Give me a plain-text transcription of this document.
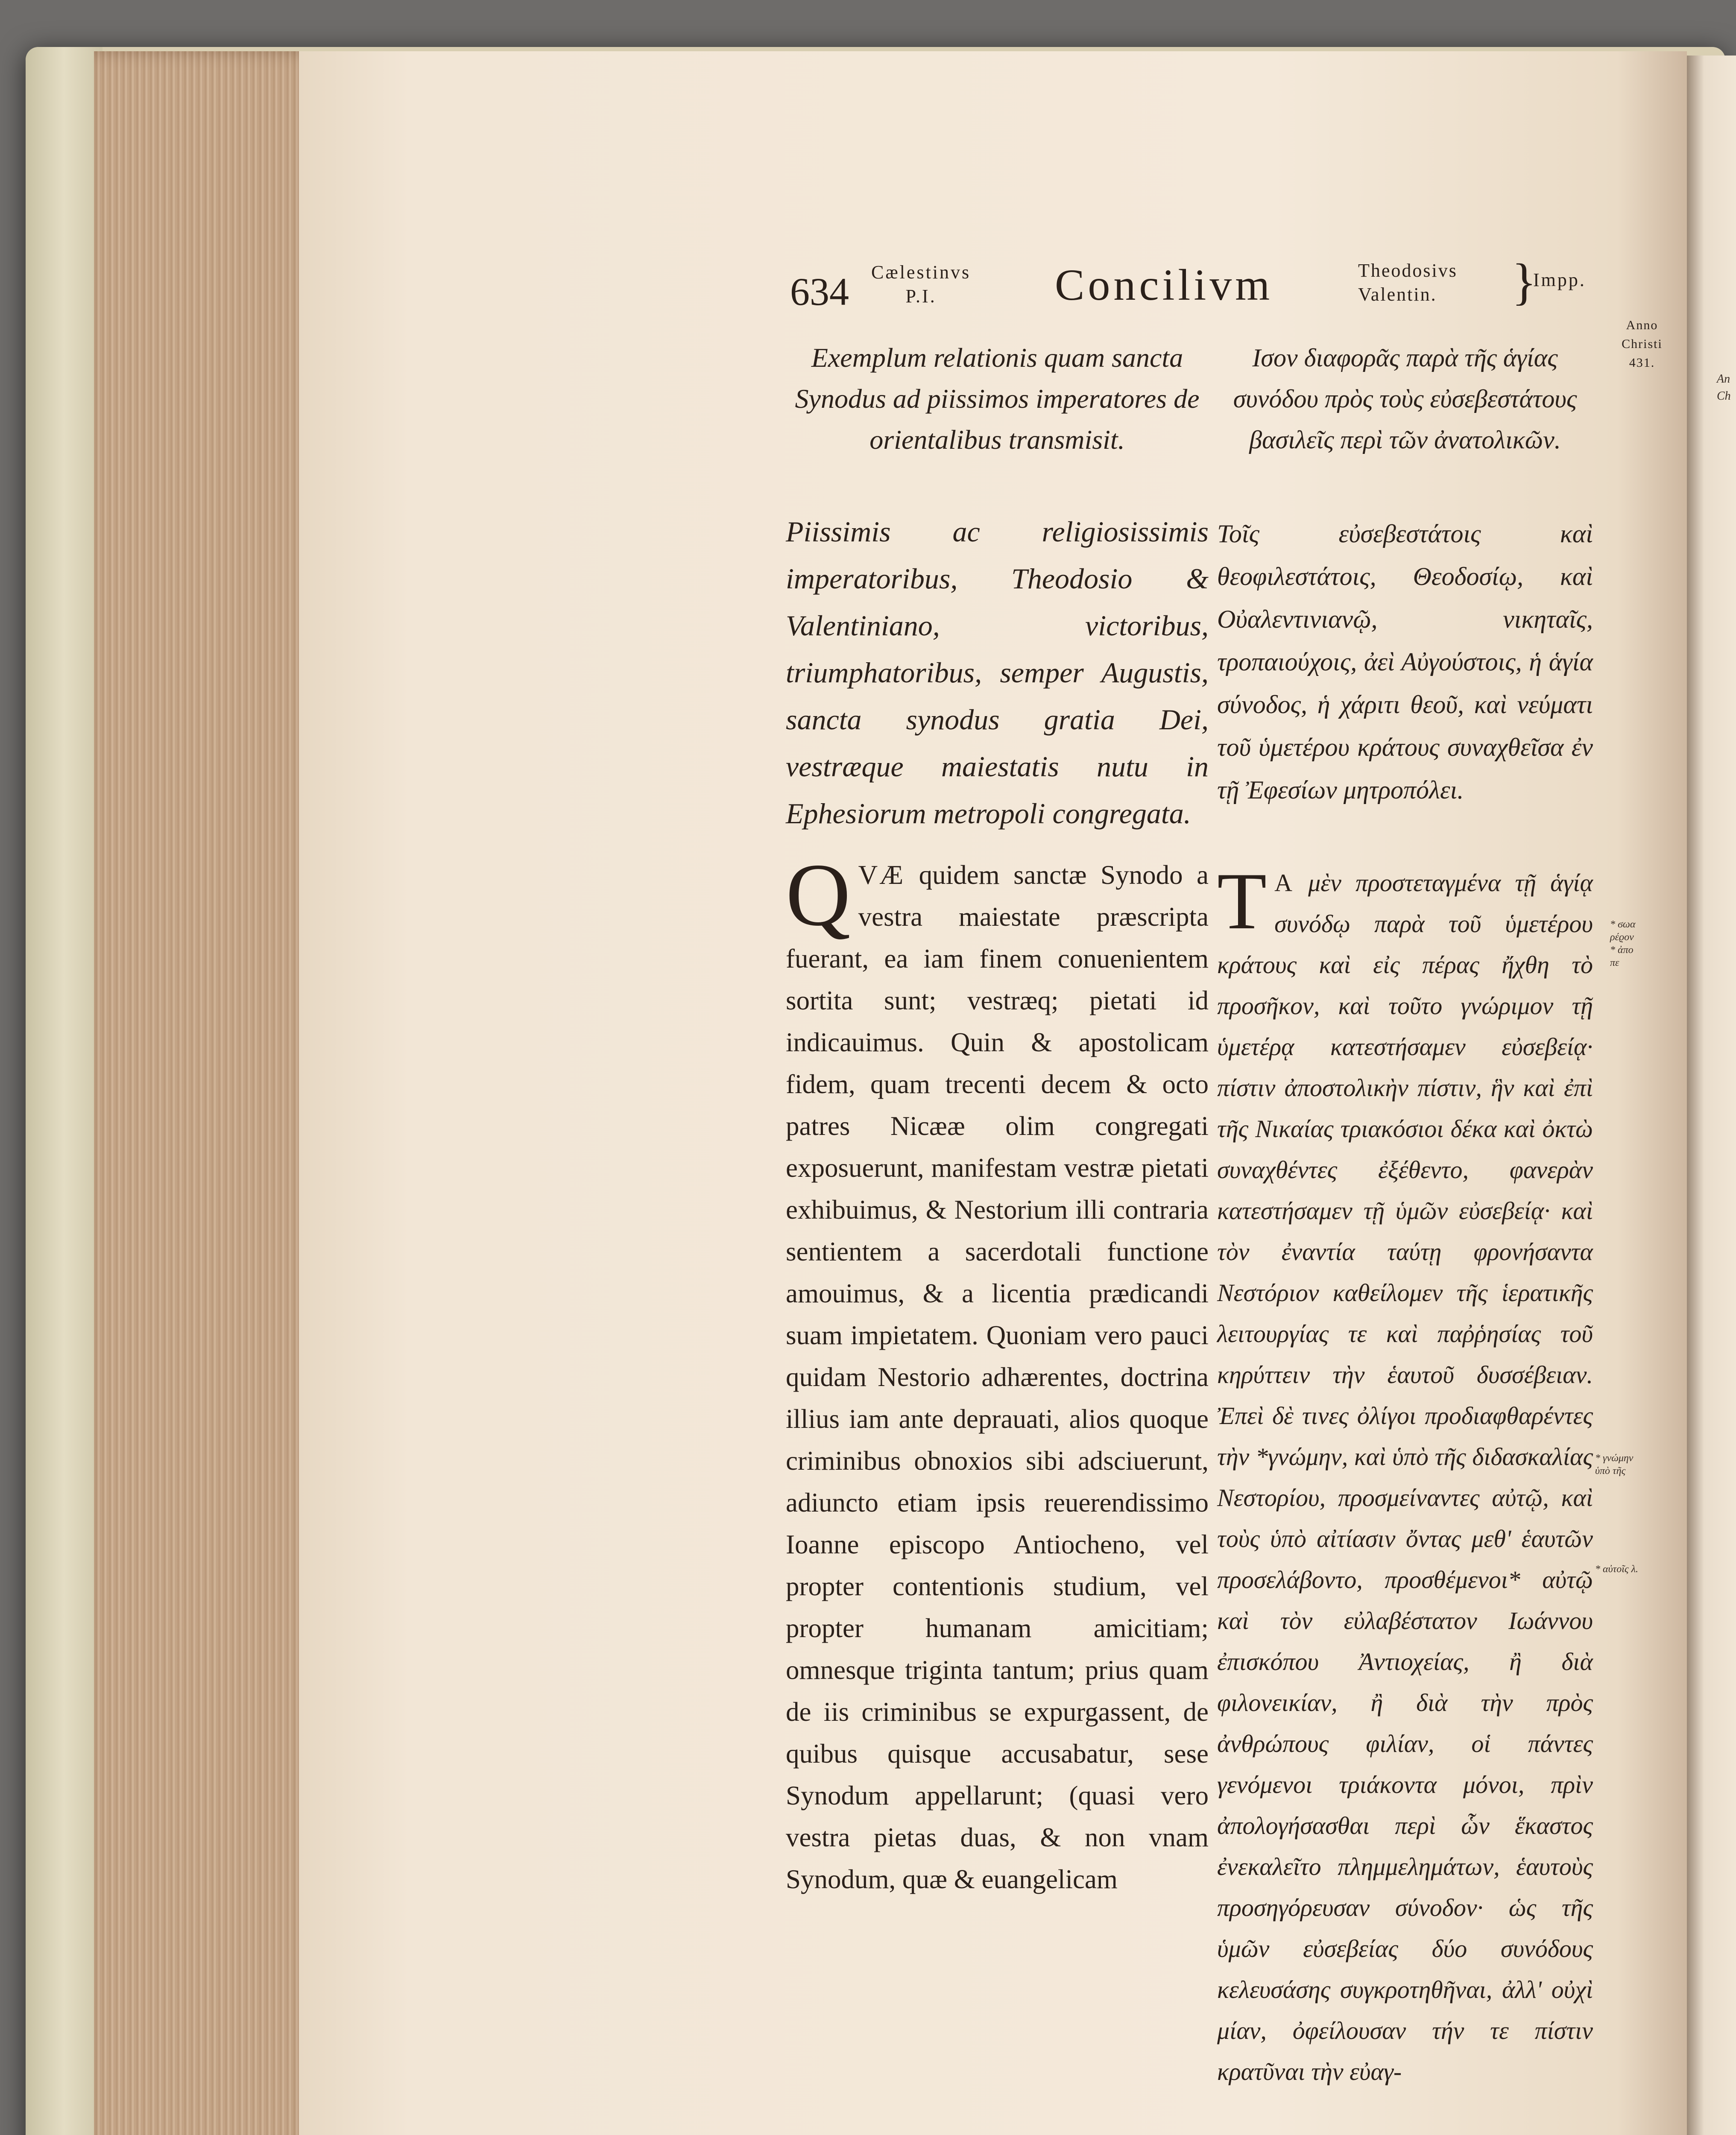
An
Ch
634 Cælestinvs
P.I.	Concilivm	Theodosivs
Valentin.	}
Impp.
Anno
Christi
431.
* ϭωα
ρέϱον
* ἀπο
πε
* γνώμην
ὑπὸ τῆς
* αὐτοῖς λ.
Exemplum relationis quam sancta Synodus ad piissimos imperatores de orientalibus transmisit.
Ισον διαφορᾶς παρὰ τῆς ἁγίας συνόδου πρὸς τοὺς εὐσεβεστάτους βασιλεῖς περὶ τῶν ἀνατολικῶν.
Piissimis ac religiosissimis imperatoribus, Theodosio & Valentiniano, victoribus, triumphatoribus, semper Augustis, sancta synodus gratia Dei, vestræque maiestatis nutu in Ephesiorum metropoli congregata.
Τοῖς εὐσεβεστάτοις καὶ θεοφιλεστάτοις, Θεοδοσίῳ, καὶ Οὐαλεντινιανῷ, νικηταῖς, τροπαιούχοις, ἀεὶ Αὐγούστοις, ἡ ἁγία σύνοδος, ἡ χάριτι θεοῦ, καὶ νεύματι τοῦ ὑμετέρου κράτους συναχθεῖσα ἐν τῇ Ἐφεσίων μητροπόλει.
Q VÆ quidem sanctæ Synodo a vestra maiestate præscripta fuerant, ea iam finem conuenientem sortita sunt; vestræq; pietati id indicauimus. Quin & apostolicam fidem, quam trecenti decem & octo patres Nicææ olim congregati exposuerunt, manifestam vestræ pietati exhibuimus, & Nestorium illi contraria sentientem a sacerdotali functione amouimus, & a licentia prædicandi suam impietatem. Quoniam vero pauci quidam Nestorio adhærentes, doctrina illius iam ante deprauati, alios quoque criminibus obnoxios sibi adsciuerunt, adiuncto etiam ipsis reuerendissimo Ioanne episcopo Antiocheno, vel propter contentionis studium, vel propter humanam amicitiam; omnesque triginta tantum; prius quam de iis criminibus se expurgassent, de quibus quisque accusabatur, sese Synodum appellarunt; (quasi vero vestra pietas duas, & non vnam Synodum, quæ & euangelicam
T Α μὲν προστεταγμένα τῇ ἁγίᾳ συνόδῳ παρὰ τοῦ ὑμετέρου κράτους καὶ εἰς πέρας ἤχθη τὸ προσῆκον, καὶ τοῦτο γνώριμον τῇ ὑμετέρᾳ κατεστήσαμεν εὐσεβείᾳ· πίστιν ἀποστολικὴν πίστιν, ἣν καὶ ἐπὶ τῆς Νικαίας τριακόσιοι δέκα καὶ ὀκτὼ συναχθέντες ἐξέθεντο, φανερὰν κατεστήσαμεν τῇ ὑμῶν εὐσεβείᾳ· καὶ τὸν ἐναντία ταύτῃ φρονήσαντα Νεστόριον καθείλομεν τῆς ἱερατικῆς λειτουργίας τε καὶ παῤῥησίας τοῦ κηρύττειν τὴν ἑαυτοῦ δυσσέβειαν. Ἐπεὶ δὲ τινες ὀλίγοι προδιαφθαρέντες τὴν *γνώμην, καὶ ὑπὸ τῆς διδασκαλίας Νεστορίου, προσμείναντες αὐτῷ, καὶ τοὺς ὑπὸ αἰτίασιν ὄντας μεθ' ἑαυτῶν προσελάβοντο, προσθέμενοι* αὐτῷ καὶ τὸν εὐλαβέστατον Ιωάννου ἐπισκόπου Ἀντιοχείας, ἢ διὰ φιλονεικίαν, ἢ διὰ τὴν πρὸς ἀνθρώπους φιλίαν, οἱ πάντες γενόμενοι τριάκοντα μόνοι, πρὶν ἀπολογήσασθαι περὶ ὧν ἕκαστος ἐνεκαλεῖτο πλημμελημάτων, ἑαυτοὺς προσηγόρευσαν σύνοδον· ὡς τῆς ὑμῶν εὐσεβείας δύο συνόδους κελευσάσης συγκροτηθῆναι, ἀλλ' οὐχὶ μίαν, ὀφείλουσαν τήν τε πίστιν κρατῦναι τὴν εὐαγ-
